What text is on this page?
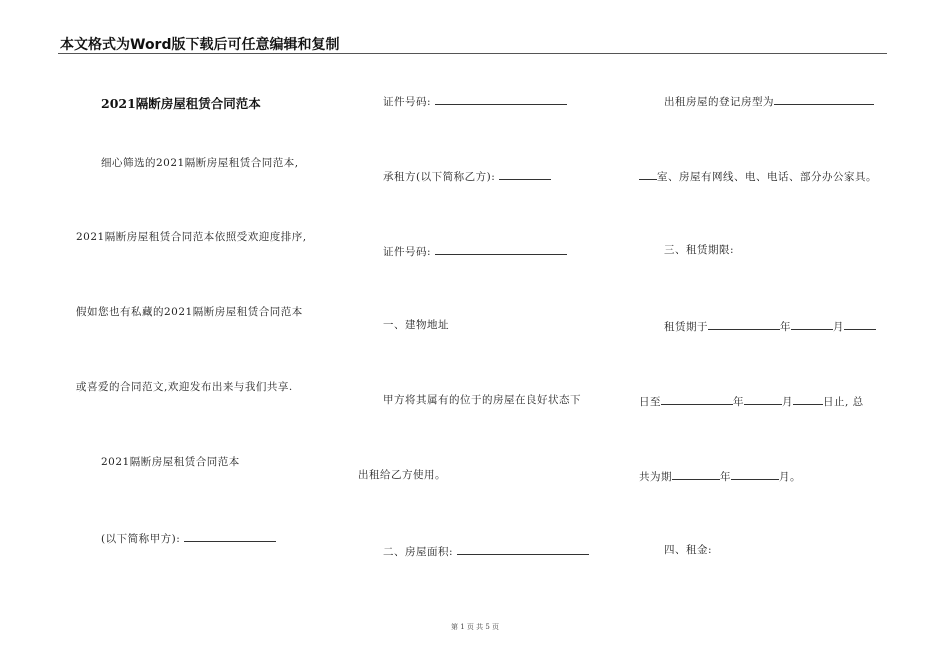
本文格式为Word版下载后可任意编辑和复制
2021隔断房屋租赁合同范本
细心筛选的2021隔断房屋租赁合同范本,
2021隔断房屋租赁合同范本依照受欢迎度排序,
假如您也有私藏的2021隔断房屋租赁合同范本
或喜爱的合同范文,欢迎发布出来与我们共享.
2021隔断房屋租赁合同范本
(以下简称甲方):
证件号码:
承租方(以下简称乙方):
证件号码:
一、建物地址
甲方将其属有的位于的房屋在良好状态下
出租给乙方使用。
二、房屋面积:
出租房屋的登记房型为
室、房屋有网线、电、电话、部分办公家具。
三、租赁期限:
租赁期于	年	月
日至	年	月	日止, 总
共为期	年	月。
四、租金:
第 1 页 共 5 页
